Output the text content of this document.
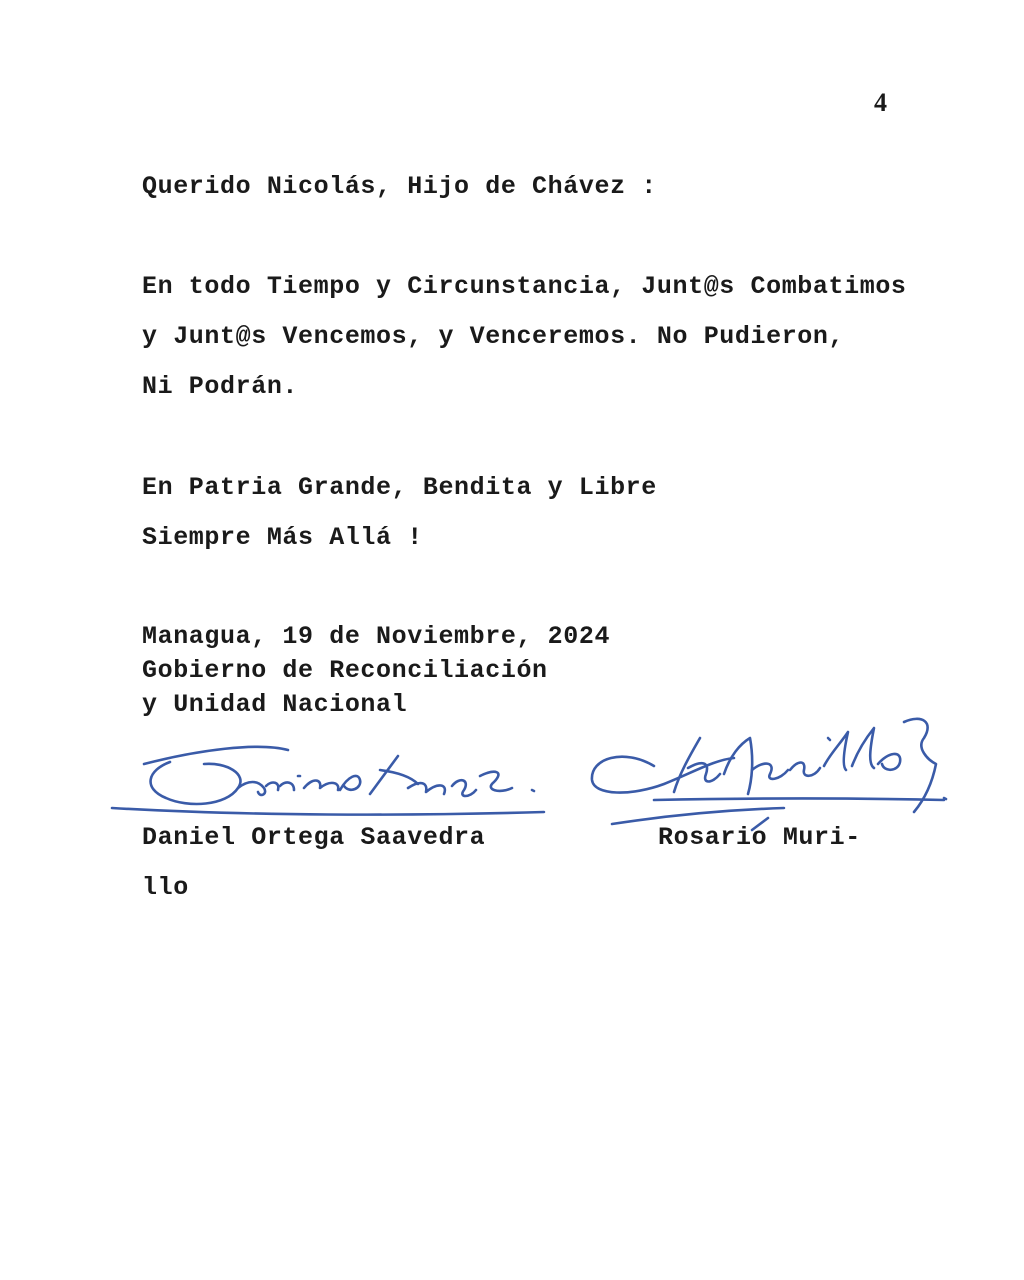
4
Querido Nicolás, Hijo de Chávez :
En todo Tiempo y Circunstancia, Junt@s Combatimos
y Junt@s Vencemos, y Venceremos. No Pudieron,
Ni Podrán.
En Patria Grande, Bendita y Libre
Siempre Más Allá !
Managua, 19 de Noviembre, 2024
Gobierno de Reconciliación
y Unidad Nacional
Daniel Ortega Saavedra	Rosario Muri-
llo
